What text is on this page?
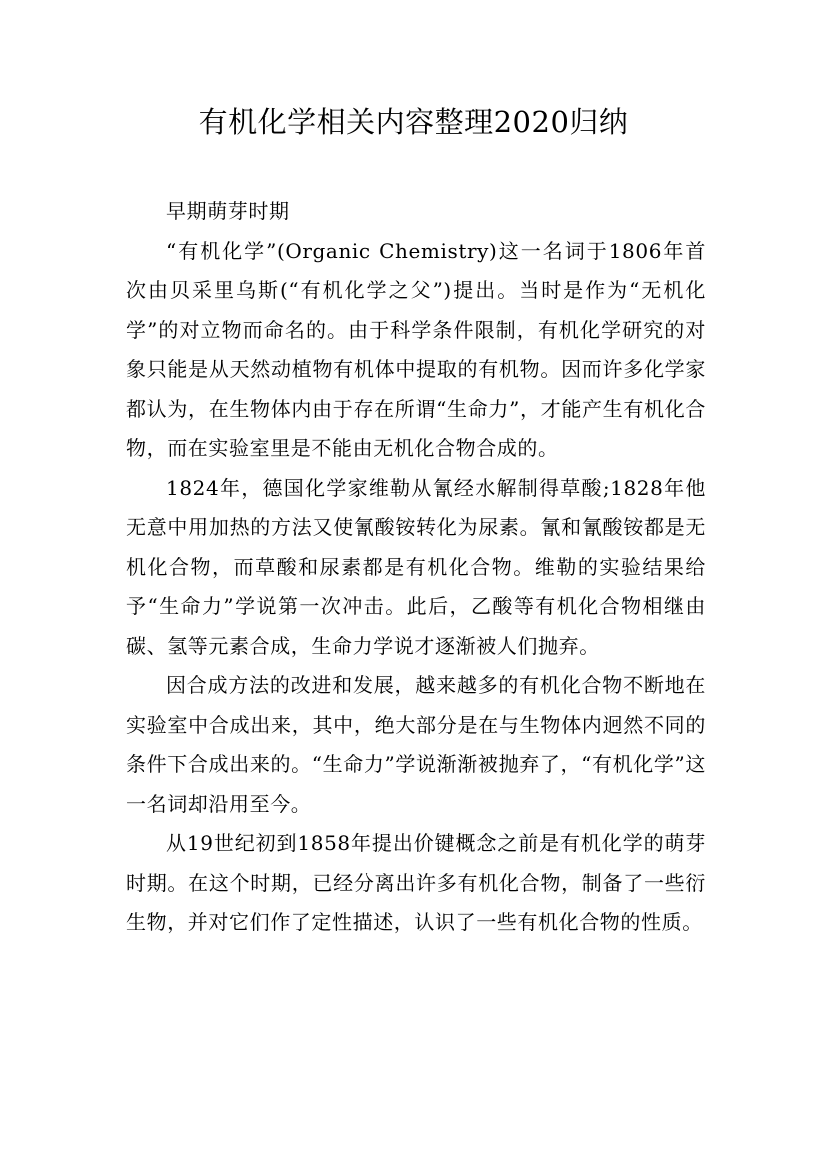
有机化学相关内容整理2020归纳

早期萌芽时期

“有机化学”(Organic Chemistry)这一名词于1806年首次由贝采里乌斯(“有机化学之父”)提出。当时是作为“无机化学”的对立物而命名的。由于科学条件限制，有机化学研究的对象只能是从天然动植物有机体中提取的有机物。因而许多化学家都认为，在生物体内由于存在所谓“生命力”，才能产生有机化合物，而在实验室里是不能由无机化合物合成的。

1824年，德国化学家维勒从氰经水解制得草酸;1828年他无意中用加热的方法又使氰酸铵转化为尿素。氰和氰酸铵都是无机化合物，而草酸和尿素都是有机化合物。维勒的实验结果给予“生命力”学说第一次冲击。此后，乙酸等有机化合物相继由碳、氢等元素合成，生命力学说才逐渐被人们抛弃。

因合成方法的改进和发展，越来越多的有机化合物不断地在实验室中合成出来，其中，绝大部分是在与生物体内迥然不同的条件下合成出来的。“生命力”学说渐渐被抛弃了，“有机化学”这一名词却沿用至今。

从19世纪初到1858年提出价键概念之前是有机化学的萌芽时期。在这个时期，已经分离出许多有机化合物，制备了一些衍生物，并对它们作了定性描述，认识了一些有机化合物的性质。
